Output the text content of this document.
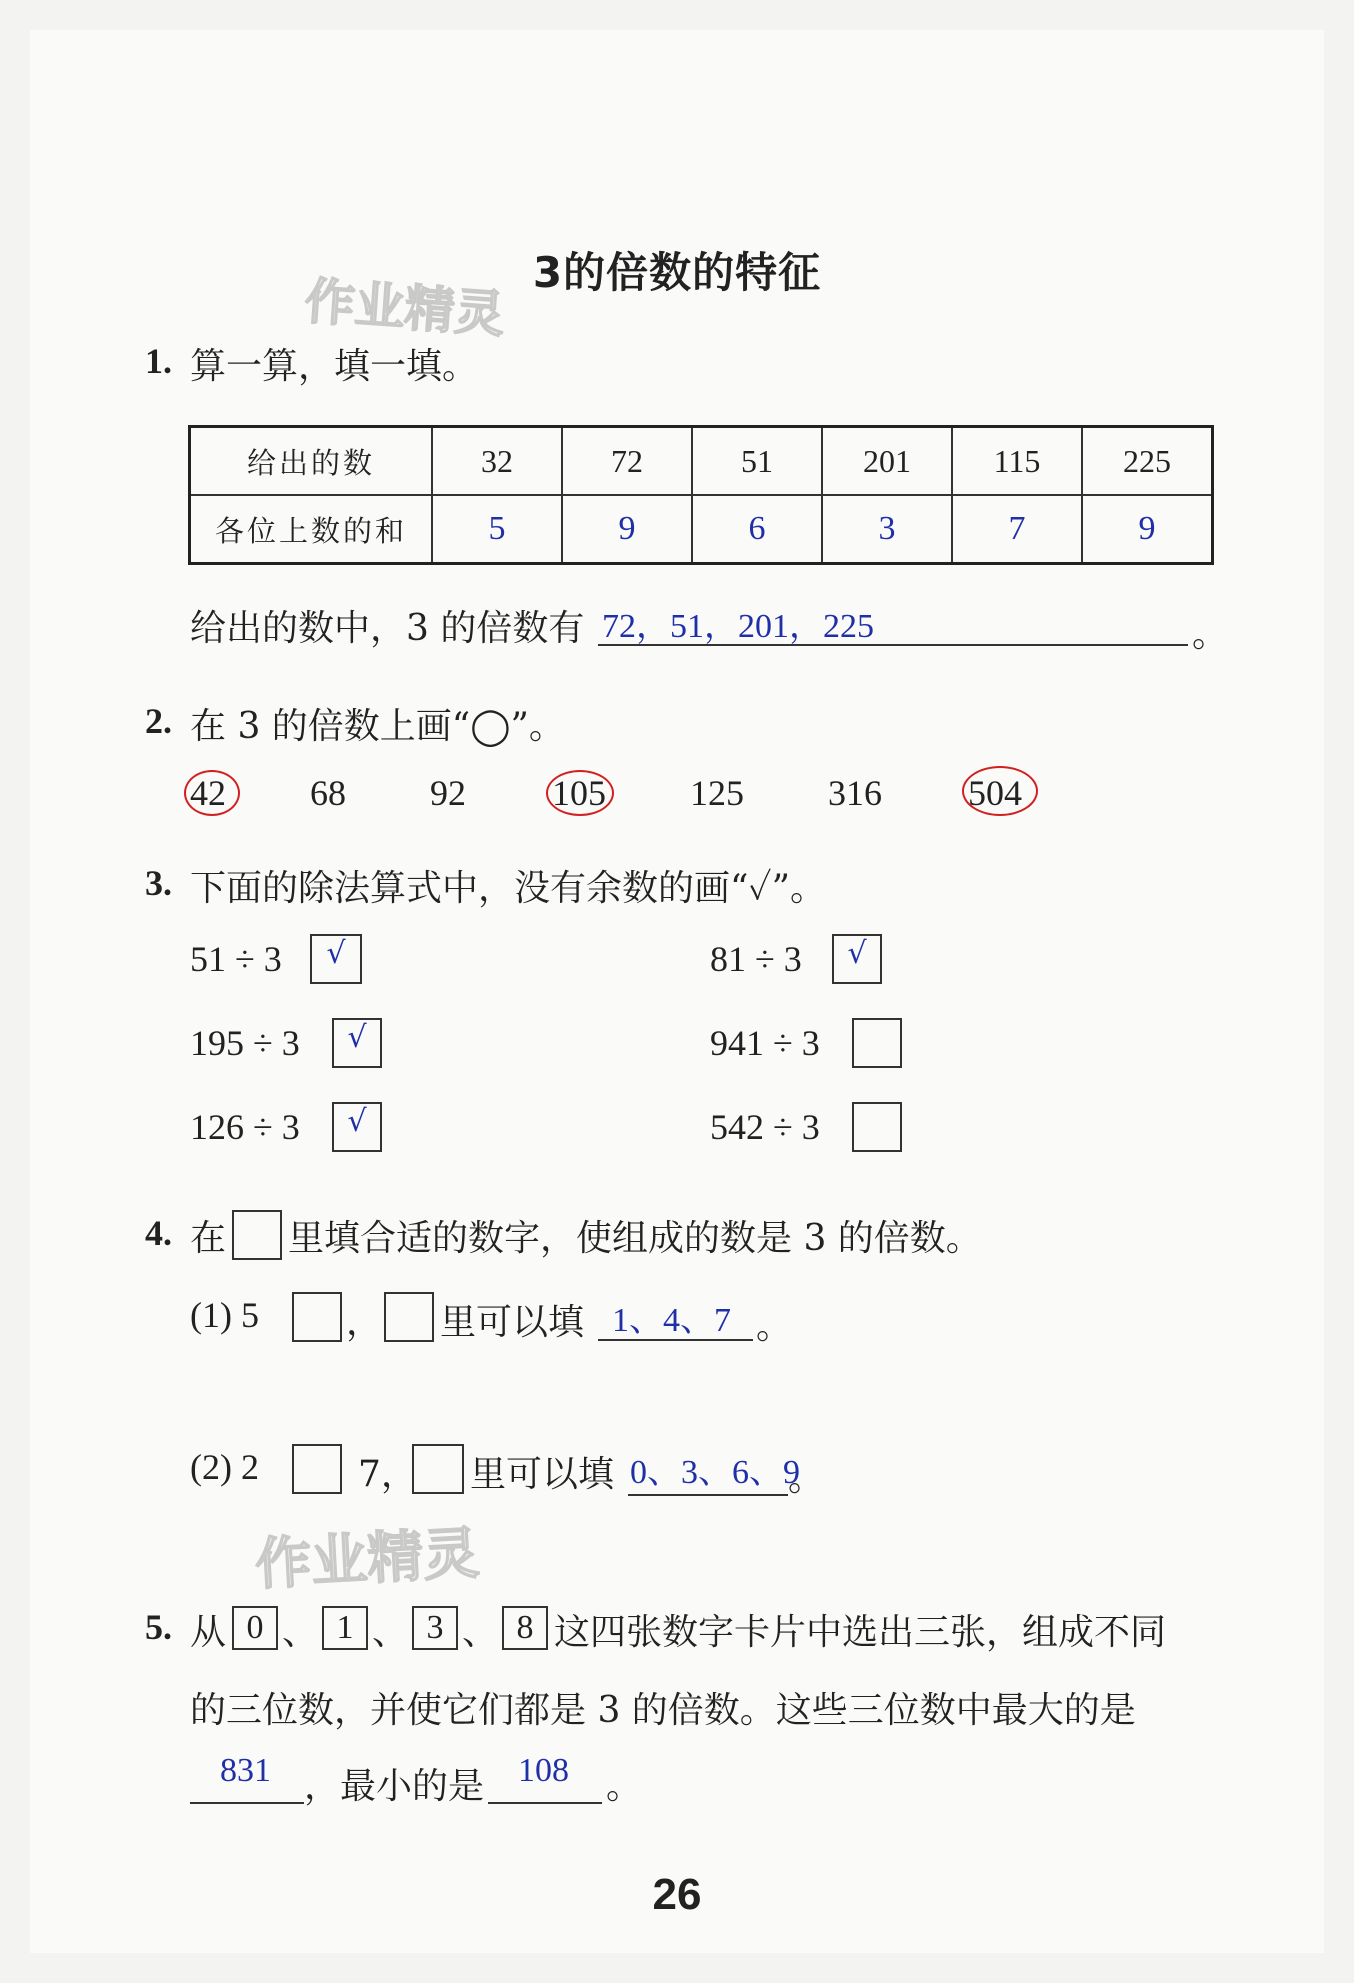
作业精灵
作业精灵
3的倍数的特征
1. 算一算，填一填。
给出的数	32	72	51	201	115	225
各位上数的和	5	9	6	3	7	9
给出的数中，3 的倍数有 72，51，201，225	。
2. 在 3 的倍数上画“◯”。
42 68 92 105 125 316 504
3. 下面的除法算式中，没有余数的画“✓”。
51 ÷ 3	√	81 ÷ 3	√
195 ÷ 3	√	941 ÷ 3
126 ÷ 3	√	542 ÷ 3
4. 在 里填合适的数字，使组成的数是 3 的倍数。
(1) 5 ， 里可以填 1、4、7 。
(2) 2	7， 里可以填 0、3、6、9
。
5. 从 0 、 1 、 3 、 8 这四张数字卡片中选出三张，组成不同
的三位数，并使它们都是 3 的倍数。这些三位数中最大的是
831 ，最小的是 108 。
26
